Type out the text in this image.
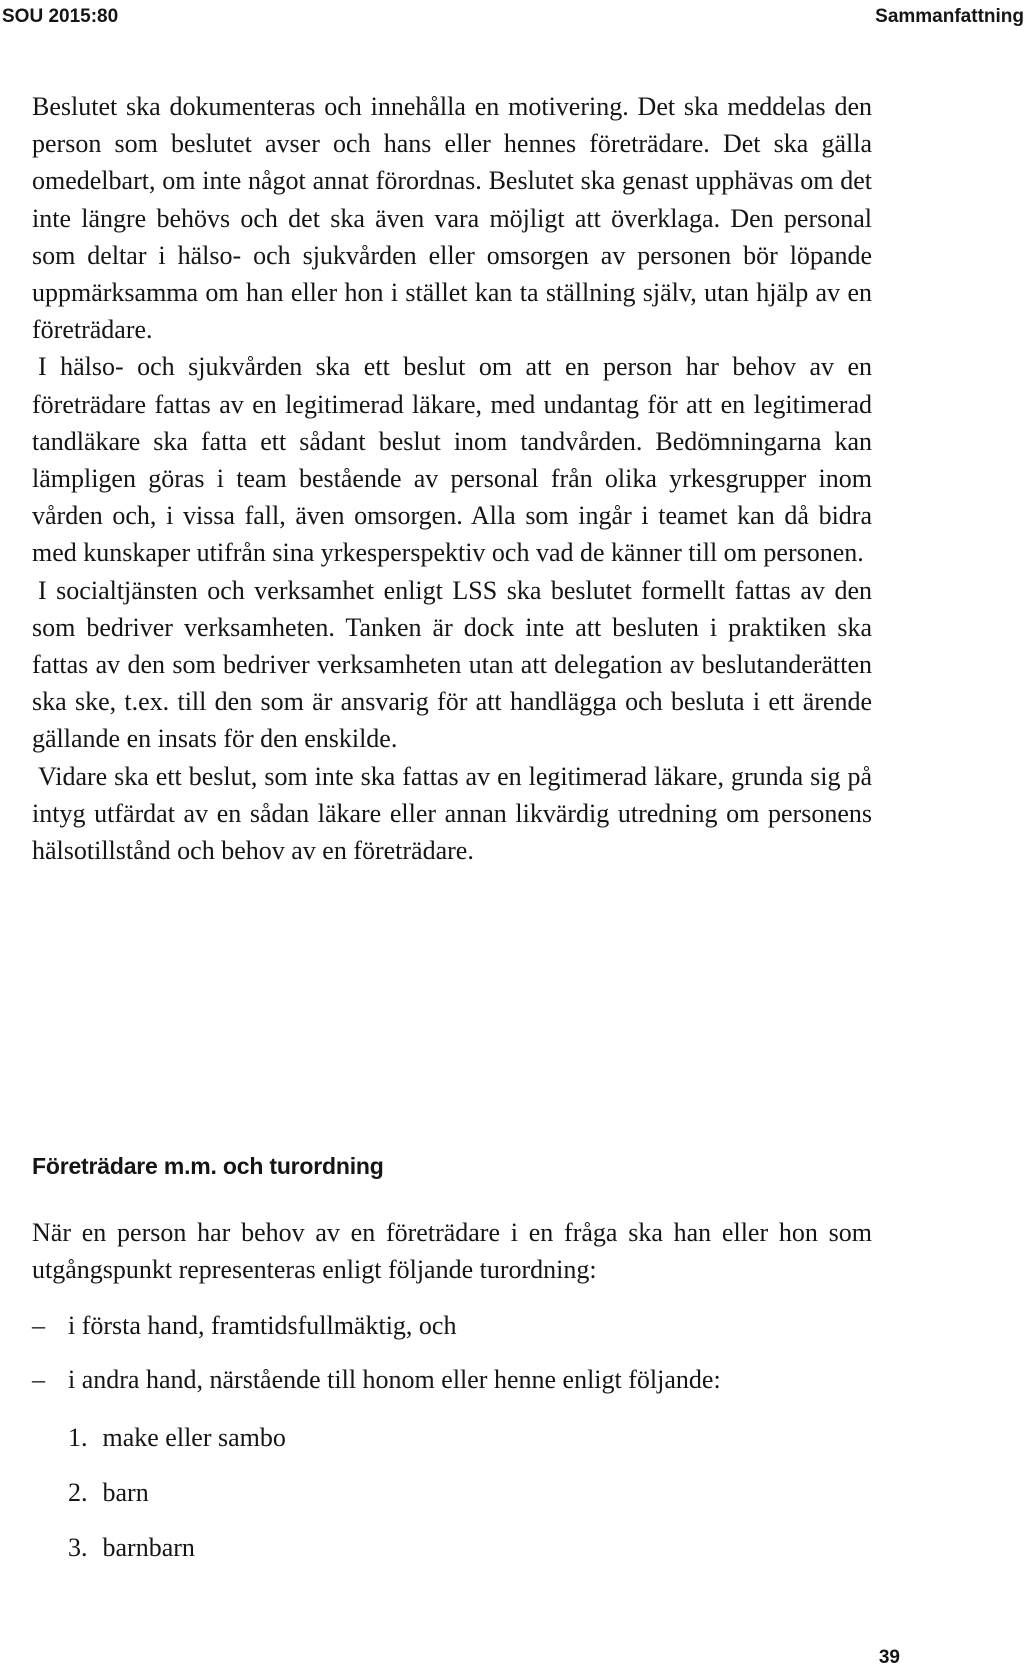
SOU 2015:80	Sammanfattning

Beslutet ska dokumenteras och innehålla en motivering. Det ska meddelas den person som beslutet avser och hans eller hennes företrädare. Det ska gälla omedelbart, om inte något annat förordnas. Beslutet ska genast upphävas om det inte längre behövs och det ska även vara möjligt att överklaga. Den personal som deltar i hälso- och sjukvården eller omsorgen av personen bör löpande uppmärksamma om han eller hon i stället kan ta ställning själv, utan hjälp av en företrädare.

I hälso- och sjukvården ska ett beslut om att en person har behov av en företrädare fattas av en legitimerad läkare, med undantag för att en legitimerad tandläkare ska fatta ett sådant beslut inom tandvården. Bedömningarna kan lämpligen göras i team bestående av personal från olika yrkesgrupper inom vården och, i vissa fall, även omsorgen. Alla som ingår i teamet kan då bidra med kunskaper utifrån sina yrkesperspektiv och vad de känner till om personen.

I socialtjänsten och verksamhet enligt LSS ska beslutet formellt fattas av den som bedriver verksamheten. Tanken är dock inte att besluten i praktiken ska fattas av den som bedriver verksamheten utan att delegation av beslutanderätten ska ske, t.ex. till den som är ansvarig för att handlägga och besluta i ett ärende gällande en insats för den enskilde.

Vidare ska ett beslut, som inte ska fattas av en legitimerad läkare, grunda sig på intyg utfärdat av en sådan läkare eller annan likvärdig utredning om personens hälsotillstånd och behov av en företrädare.

Företrädare m.m. och turordning

När en person har behov av en företrädare i en fråga ska han eller hon som utgångspunkt representeras enligt följande turordning:

– i första hand, framtidsfullmäktig, och
– i andra hand, närstående till honom eller henne enligt följande:
1. make eller sambo
2. barn
3. barnbarn
39
